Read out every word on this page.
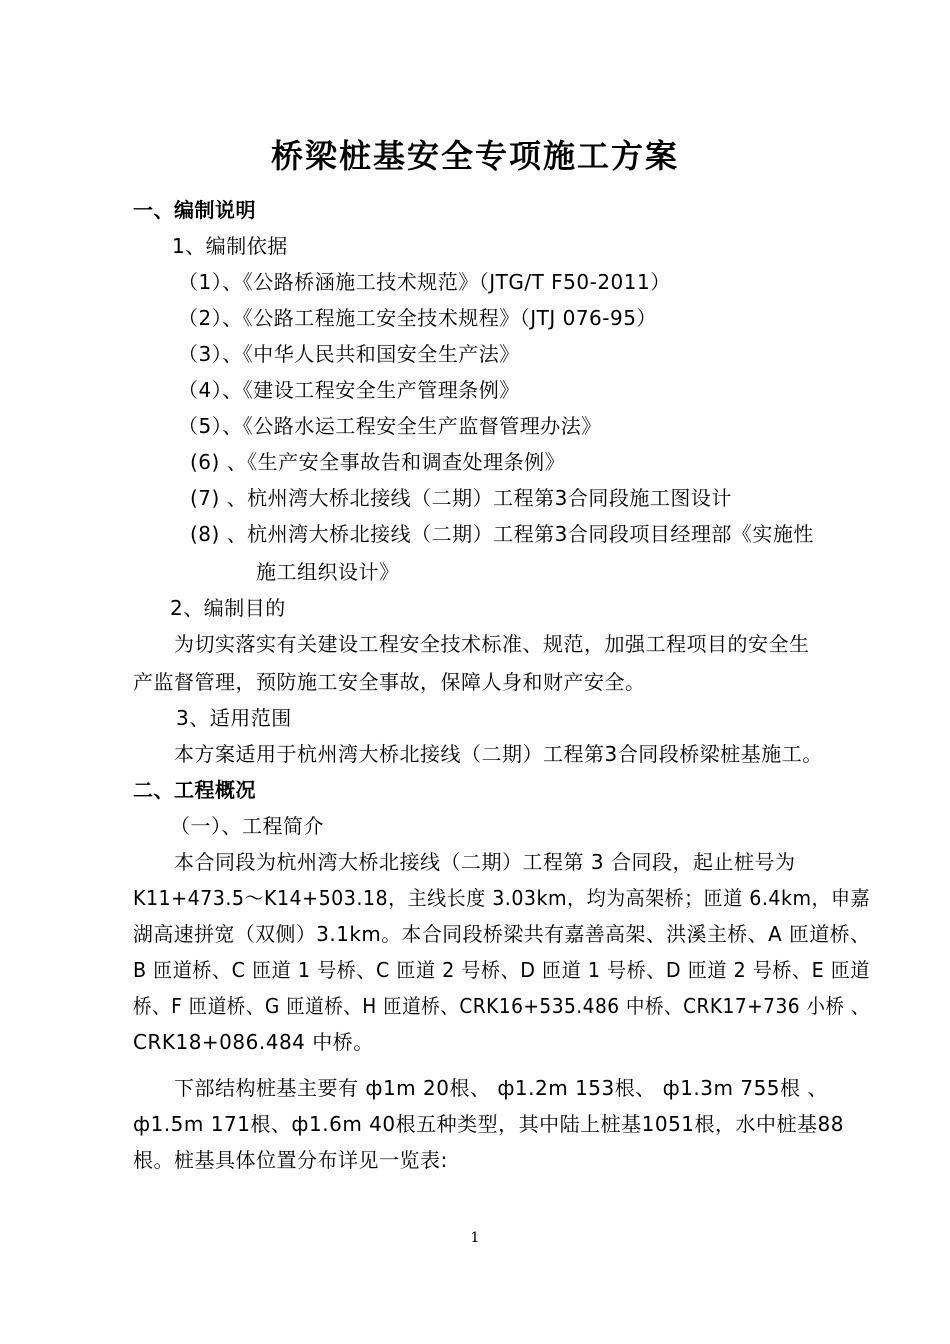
桥梁桩基安全专项施工方案
一、编制说明
1、编制依据
（1）、《公路桥涵施工技术规范》（JTG/T F50-2011）
（2）、《公路工程施工安全技术规程》（JTJ 076-95）
（3）、《中华人民共和国安全生产法》
（4）、《建设工程安全生产管理条例》
（5）、《公路水运工程安全生产监督管理办法》
(6) 、《生产安全事故告和调查处理条例》
(7) 、杭州湾大桥北接线（二期）工程第3合同段施工图设计
(8) 、杭州湾大桥北接线（二期）工程第3合同段项目经理部《实施性
施工组织设计》
2、编制目的
为切实落实有关建设工程安全技术标准、规范，加强工程项目的安全生
产监督管理，预防施工安全事故，保障人身和财产安全。
3、适用范围
本方案适用于杭州湾大桥北接线（二期）工程第3合同段桥梁桩基施工。
二、工程概况
（一）、工程简介
本合同段为杭州湾大桥北接线（二期）工程第 3 合同段，起止桩号为
K11+473.5～K14+503.18，主线长度 3.03km，均为高架桥；匝道 6.4km，申嘉
湖高速拼宽（双侧）3.1km。本合同段桥梁共有嘉善高架、洪溪主桥、A 匝道桥、
B 匝道桥、C 匝道 1 号桥、C 匝道 2 号桥、D 匝道 1 号桥、D 匝道 2 号桥、E 匝道
桥、F 匝道桥、G 匝道桥、H 匝道桥、CRK16+535.486 中桥、CRK17+736 小桥 、
CRK18+086.484 中桥。
下部结构桩基主要有 ф1m 20根、 ф1.2m 153根、 ф1.3m 755根 、
ф1.5m 171根、ф1.6m 40根五种类型，其中陆上桩基1051根，水中桩基88
根。桩基具体位置分布详见一览表:
1
